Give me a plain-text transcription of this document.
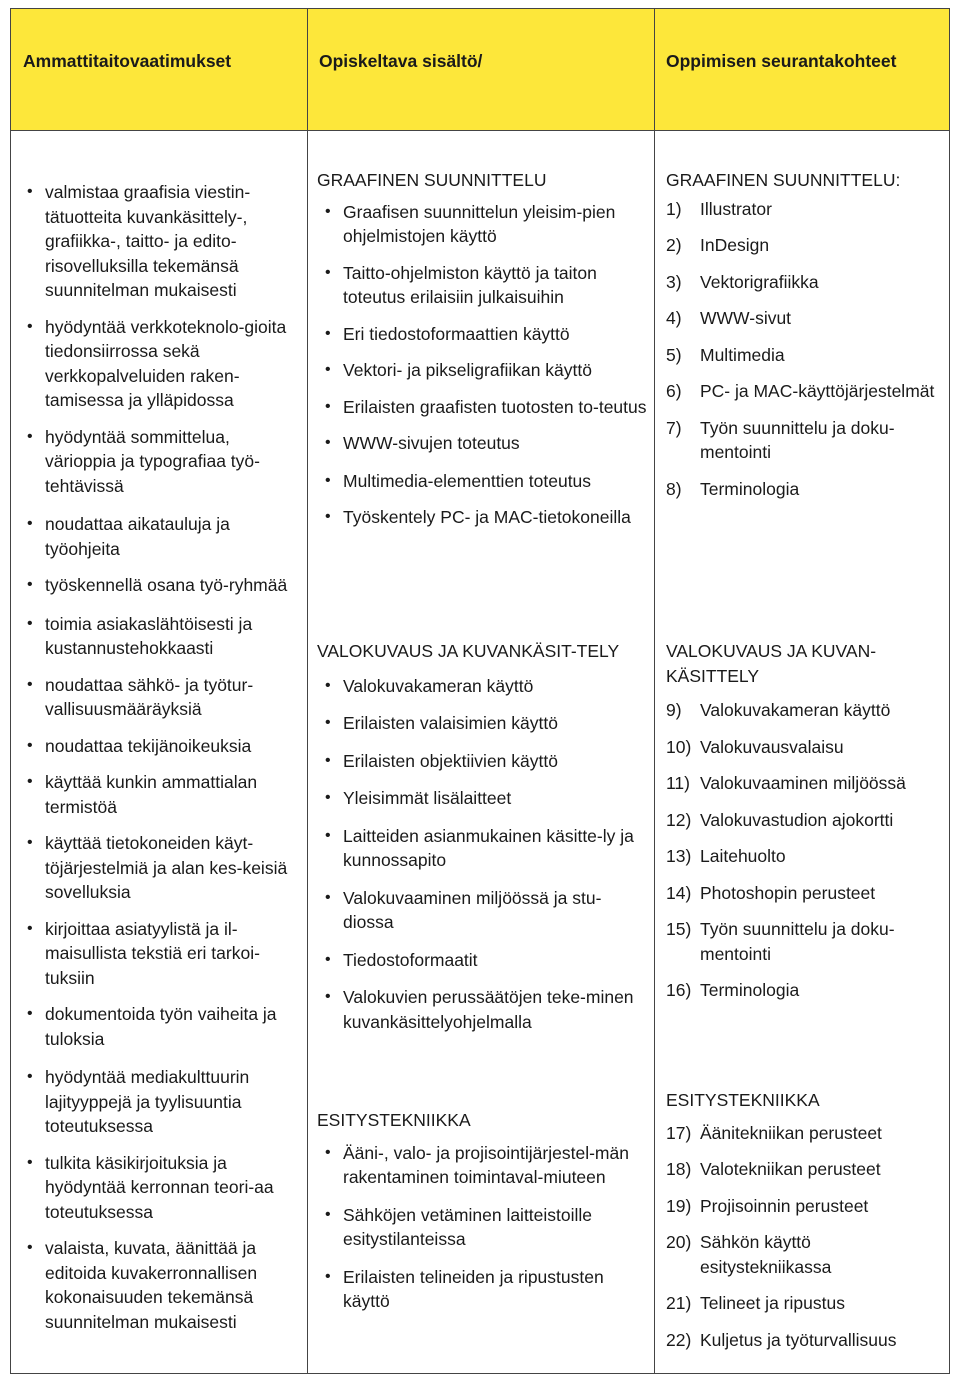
Ammattitaitovaatimukset	Opiskeltava sisältö/	Oppimisen seurantakohteet
• valmistaa graafisia viestin-tätuotteita kuvankäsittely-, grafiikka-, taitto- ja edito-risovelluksilla tekemänsä suunnitelman mukaisesti
• hyödyntää verkkoteknolo-gioita tiedonsiirrossa sekä verkkopalveluiden raken-tamisessa ja ylläpidossa
• hyödyntää sommittelua, värioppia ja typografiaa työ-tehtävissä
• noudattaa aikatauluja ja työohjeita
• työskennellä osana työ-ryhmää
• toimia asiakaslähtöisesti ja kustannustehokkaasti
• noudattaa sähkö- ja työtur-vallisuusmääräyksiä
• noudattaa tekijänoikeuksia
• käyttää kunkin ammattialan termistöä
• käyttää tietokoneiden käyt-töjärjestelmiä ja alan kes-keisiä sovelluksia
• kirjoittaa asiatyylistä ja il-maisullista tekstiä eri tarkoi-tuksiin
• dokumentoida työn vaiheita ja tuloksia
• hyödyntää mediakulttuurin lajityyppejä ja tyylisuuntia toteutuksessa
• tulkita käsikirjoituksia ja hyödyntää kerronnan teori-aa toteutuksessa
• valaista, kuvata, äänittää ja editoida kuvakerronnallisen kokonaisuuden tekemänsä suunnitelman mukaisesti

GRAAFINEN SUUNNITTELU

• Graafisen suunnittelun yleisim-pien ohjelmistojen käyttö
• Taitto-ohjelmiston käyttö ja taiton toteutus erilaisiin julkaisuihin
• Eri tiedostoformaattien käyttö
• Vektori- ja pikseligrafiikan käyttö
• Erilaisten graafisten tuotosten to-teutus
• WWW-sivujen toteutus
• Multimedia-elementtien toteutus
• Työskentely PC- ja MAC-tietokoneilla

VALOKUVAUS JA KUVANKÄSIT-TELY

• Valokuvakameran käyttö
• Erilaisten valaisimien käyttö
• Erilaisten objektiivien käyttö
• Yleisimmät lisälaitteet
• Laitteiden asianmukainen käsitte-ly ja kunnossapito
• Valokuvaaminen miljöössä ja stu-diossa
• Tiedostoformaatit
• Valokuvien perussäätöjen teke-minen kuvankäsittelyohjelmalla

ESITYSTEKNIIKKA

• Ääni-, valo- ja projisointijärjestel-män rakentaminen toimintaval-miuteen
• Sähköjen vetäminen laitteistoille esitystilanteissa
• Erilaisten telineiden ja ripustusten käyttö

GRAAFINEN SUUNNITTELU:

1) Illustrator
2) InDesign
3) Vektorigrafiikka
4) WWW-sivut
5) Multimedia
6) PC- ja MAC-käyttöjärjestelmät
7) Työn suunnittelu ja doku-mentointi
8) Terminologia

VALOKUVAUS JA KUVAN-KÄSITTELY

9) Valokuvakameran käyttö
10) Valokuvausvalaisu
11) Valokuvaaminen miljöössä
12) Valokuvastudion ajokortti
13) Laitehuolto
14) Photoshopin perusteet
15) Työn suunnittelu ja doku-mentointi
16) Terminologia

ESITYSTEKNIIKKA

17) Äänitekniikan perusteet
18) Valotekniikan perusteet
19) Projisoinnin perusteet
20) Sähkön käyttö esitystekniikassa
21) Telineet ja ripustus
22) Kuljetus ja työturvallisuus
